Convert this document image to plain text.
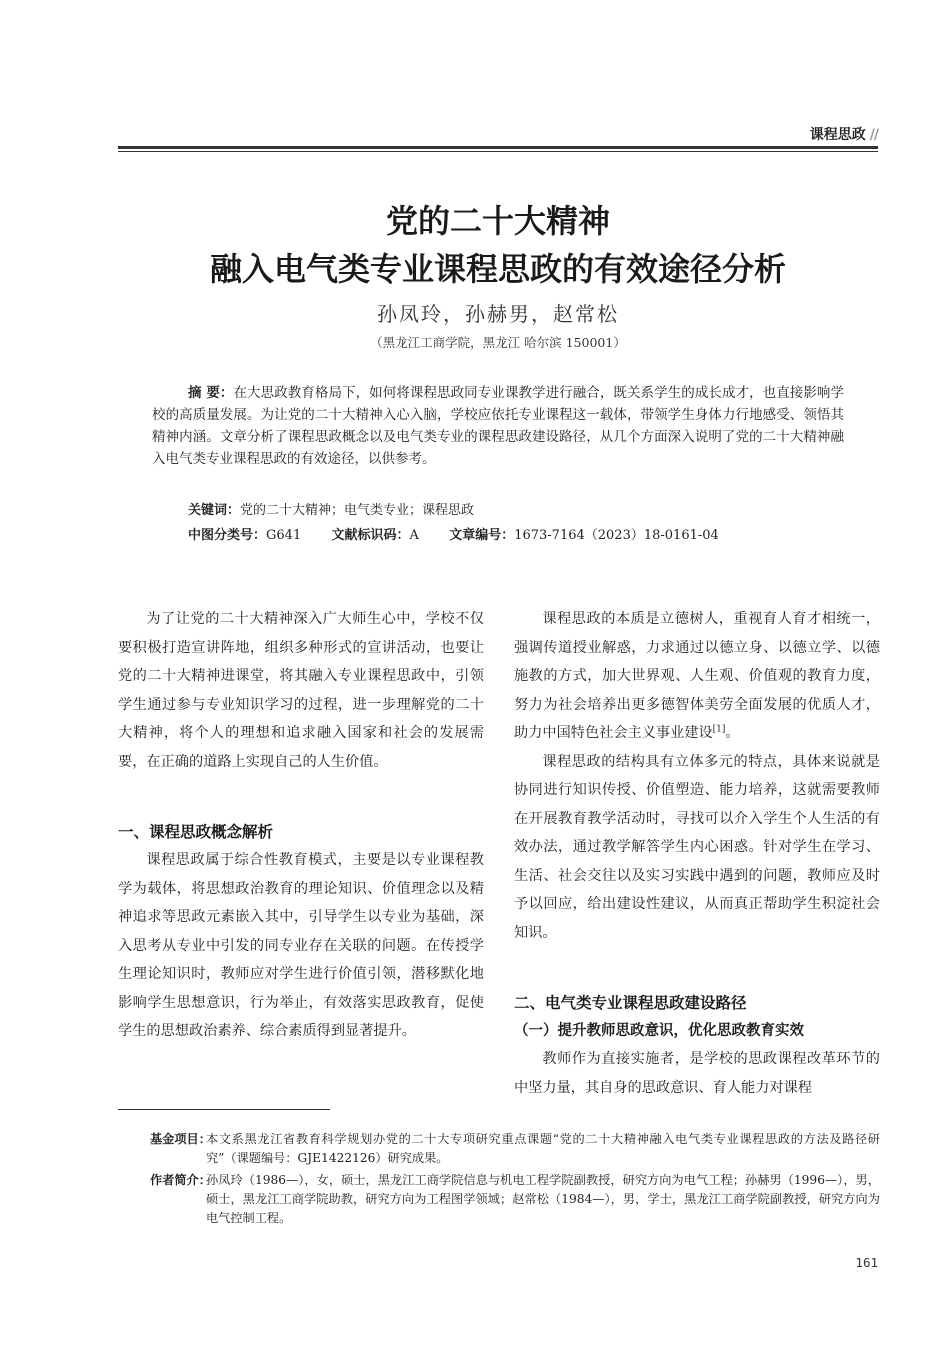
课程思政 //
党的二十大精神
融入电气类专业课程思政的有效途径分析
孙凤玲，孙赫男，赵常松
（黑龙江工商学院，黑龙江 哈尔滨 150001）
摘 要：在大思政教育格局下，如何将课程思政同专业课教学进行融合，既关系学生的成长成才，也直接影响学校的高质量发展。为让党的二十大精神入心入脑，学校应依托专业课程这一载体，带领学生身体力行地感受、领悟其精神内涵。文章分析了课程思政概念以及电气类专业的课程思政建设路径，从几个方面深入说明了党的二十大精神融入电气类专业课程思政的有效途径，以供参考。
关键词：党的二十大精神；电气类专业；课程思政
中图分类号：G641 文献标识码：A 文章编号：1673-7164（2023）18-0161-04

为了让党的二十大精神深入广大师生心中，学校不仅要积极打造宣讲阵地，组织多种形式的宣讲活动，也要让党的二十大精神进课堂，将其融入专业课程思政中，引领学生通过参与专业知识学习的过程，进一步理解党的二十大精神，将个人的理想和追求融入国家和社会的发展需要，在正确的道路上实现自己的人生价值。

一、课程思政概念解析

课程思政属于综合性教育模式，主要是以专业课程教学为载体，将思想政治教育的理论知识、价值理念以及精神追求等思政元素嵌入其中，引导学生以专业为基础，深入思考从专业中引发的同专业存在关联的问题。在传授学生理论知识时，教师应对学生进行价值引领，潜移默化地影响学生思想意识，行为举止，有效落实思政教育，促使学生的思想政治素养、综合素质得到显著提升。

课程思政的本质是立德树人，重视育人育才相统一，强调传道授业解惑，力求通过以德立身、以德立学、以德施教的方式，加大世界观、人生观、价值观的教育力度，努力为社会培养出更多德智体美劳全面发展的优质人才，助力中国特色社会主义事业建设[1]。

课程思政的结构具有立体多元的特点，具体来说就是协同进行知识传授、价值塑造、能力培养，这就需要教师在开展教育教学活动时，寻找可以介入学生个人生活的有效办法，通过教学解答学生内心困惑。针对学生在学习、生活、社会交往以及实习实践中遇到的问题，教师应及时予以回应，给出建设性建议，从而真正帮助学生积淀社会知识。

二、电气类专业课程思政建设路径
（一）提升教师思政意识，优化思政教育实效

教师作为直接实施者，是学校的思政课程改革环节的中坚力量，其自身的思政意识、育人能力对课程

基金项目：
本文系黑龙江省教育科学规划办党的二十大专项研究重点课题“党的二十大精神融入电气类专业课程思政的方法及路径研究”（课题编号：GJE1422126）研究成果。
作者简介：
孙凤玲（1986—），女，硕士，黑龙江工商学院信息与机电工程学院副教授，研究方向为电气工程；孙赫男（1996—），男，硕士，黑龙江工商学院助教，研究方向为工程图学领域；赵常松（1984—），男，学士，黑龙江工商学院副教授，研究方向为电气控制工程。
161
